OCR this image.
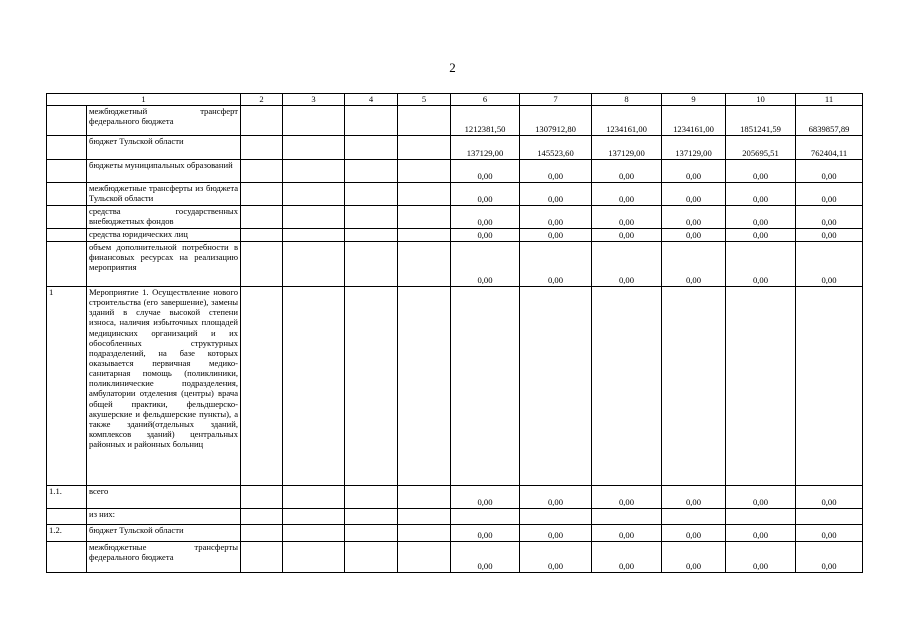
2
1		2	3	4	5	6	7	8	9	10	11
	межбюджетный трансферт федерального бюджета					1212381,50	1307912,80	1234161,00	1234161,00	1851241,59	6839857,89
	бюджет Тульской области					137129,00	145523,60	137129,00	137129,00	205695,51	762404,11
	бюджеты муниципальных образований					0,00	0,00	0,00	0,00	0,00	0,00
	межбюджетные трансферты из бюджета Тульской области					0,00	0,00	0,00	0,00	0,00	0,00
	средства государственных внебюджетных фондов					0,00	0,00	0,00	0,00	0,00	0,00
	средства юридических лиц					0,00	0,00	0,00	0,00	0,00	0,00
	объем дополнительной потребности в финансовых ресурсах на реализацию мероприятия					0,00	0,00	0,00	0,00	0,00	0,00
1	Мероприятие 1. Осуществление нового строительства (его завершение), замены зданий в случае высокой степени износа, наличия избыточных площадей медицинских организаций и их обособленных структурных подразделений, на базе которых оказывается первичная медико-санитарная помощь (поликлиники, поликлинические подразделения, амбулатории отделения (центры) врача общей практики, фельдшерско-акушерские и фельдшерские пункты), а также зданий(отдельных зданий, комплексов зданий) центральных районных и районных больниц										
1.1.	всего					0,00	0,00	0,00	0,00	0,00	0,00
	из них:										
1.2.	бюджет Тульской области					0,00	0,00	0,00	0,00	0,00	0,00
	межбюджетные трансферты федерального бюджета					0,00	0,00	0,00	0,00	0,00	0,00
